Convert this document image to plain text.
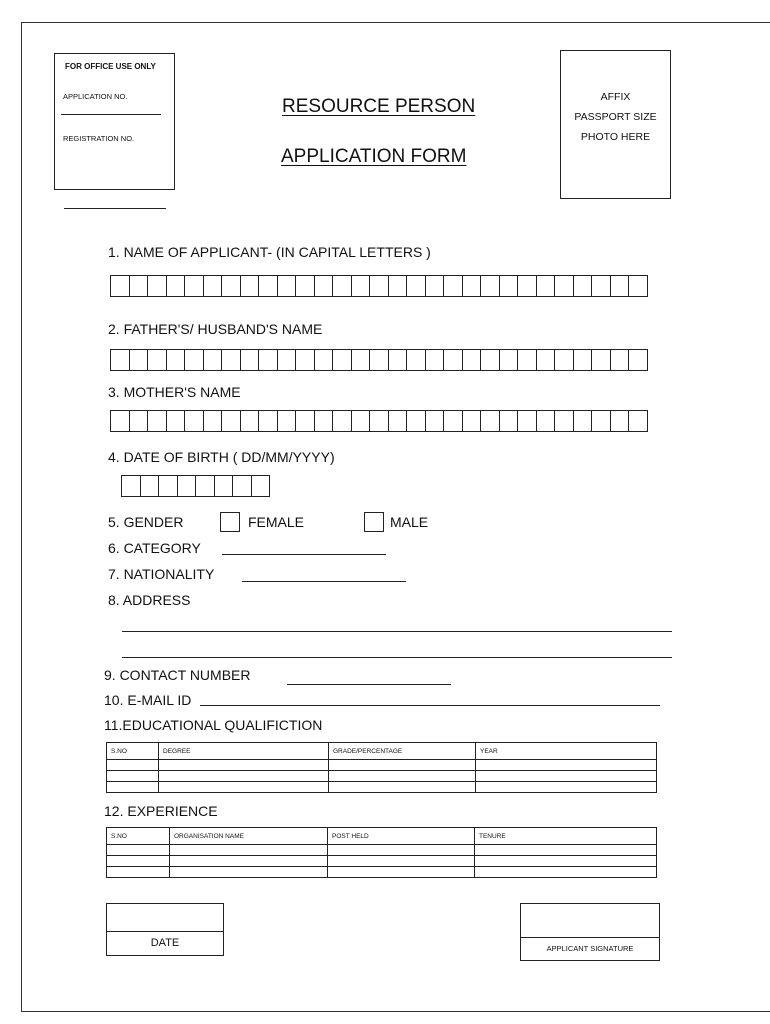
FOR OFFICE USE ONLY
APPLICATION NO.
REGISTRATION NO.
RESOURCE PERSON
APPLICATION FORM
AFFIX
PASSPORT SIZE
PHOTO HERE
1. NAME OF APPLICANT- (IN CAPITAL LETTERS )
2. FATHER'S/ HUSBAND'S NAME
3. MOTHER'S NAME
4. DATE OF BIRTH ( DD/MM/YYYY)
5. GENDER	FEMALE	MALE
6. CATEGORY
7. NATIONALITY
8. ADDRESS
9. CONTACT NUMBER
10. E-MAIL ID
11.EDUCATIONAL QUALIFICTION
S.NO	DEGREE	GRADE/PERCENTAGE	YEAR

12. EXPERIENCE
S.NO	ORGANISATION NAME	POST HELD	TENURE

DATE	APPLICANT SIGNATURE
